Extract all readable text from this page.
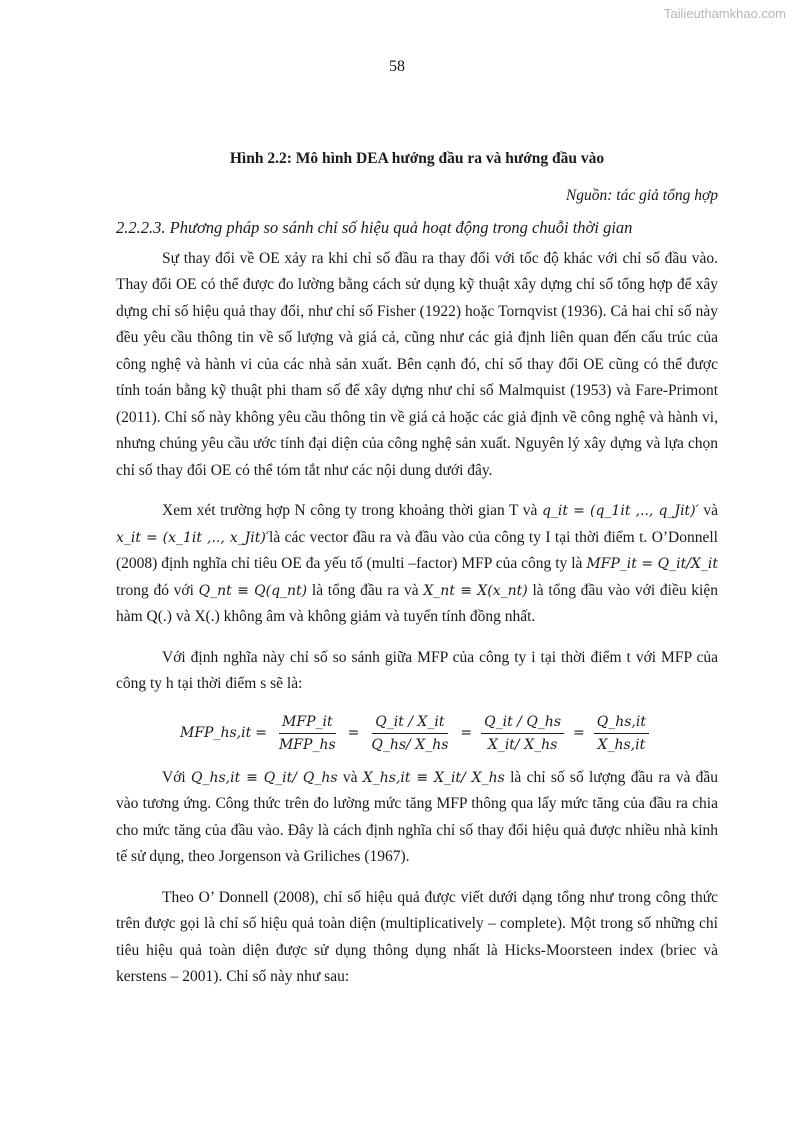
Tailieuthamkhao.com
58

Hình 2.2: Mô hình DEA hướng đầu ra và hướng đầu vào

Nguồn: tác giả tổng hợp

2.2.2.3. Phương pháp so sánh chỉ số hiệu quả hoạt động trong chuỗi thời gian

Sự thay đổi về OE xảy ra khi chỉ số đầu ra thay đổi với tốc độ khác với chỉ số đầu vào. Thay đổi OE có thể được đo lường bằng cách sử dụng kỹ thuật xây dựng chỉ số tổng hợp để xây dựng chỉ số hiệu quả thay đổi, như chỉ số Fisher (1922) hoặc Tornqvist (1936). Cả hai chỉ số này đều yêu cầu thông tin về số lượng và giá cả, cũng như các giả định liên quan đến cấu trúc của công nghệ và hành vi của các nhà sản xuất. Bên cạnh đó, chỉ số thay đổi OE cũng có thể được tính toán bằng kỹ thuật phi tham số để xây dựng như chỉ số Malmquist (1953) và Fare-Primont (2011). Chỉ số này không yêu cầu thông tin về giá cả hoặc các giả định về công nghệ và hành vi, nhưng chúng yêu cầu ước tính đại diện của công nghệ sản xuất. Nguyên lý xây dựng và lựa chọn chỉ số thay đổi OE có thể tóm tắt như các nội dung dưới đây.

Xem xét trường hợp N công ty trong khoảng thời gian T và q_it = (q_1it ,.., q_Jit)′ và x_it = (x_1it ,.., x_Jit)′là các vector đầu ra và đầu vào của công ty I tại thời điểm t. O’Donnell (2008) định nghĩa chỉ tiêu OE đa yếu tố (multi –factor) MFP của công ty là MFP_it = Q_it/X_it trong đó với Q_nt ≡ Q(q_nt) là tổng đầu ra và X_nt ≡ X(x_nt) là tổng đầu vào với điều kiện hàm Q(.) và X(.) không âm và không giảm và tuyến tính đồng nhất.

Với định nghĩa này chỉ số so sánh giữa MFP của công ty i tại thời điểm t với MFP của công ty h tại thời điểm s sẽ là:

MFP_hs,it = $\frac{\text{MFP\_it}}{\text{MFP\_hs}} = \frac{Q\_it / X\_it}{Q\_hs/ X\_hs} = \frac{Q\_it / Q\_hs}{X\_it/ X\_hs} = \frac{Q\_hs,it}{X\_hs,it}$

Với Q_hs,it ≡ Q_it/ Q_hs và X_hs,it ≡ X_it/ X_hs là chỉ số số lượng đầu ra và đầu vào tương ứng. Công thức trên đo lường mức tăng MFP thông qua lấy mức tăng của đầu ra chia cho mức tăng của đầu vào. Đây là cách định nghĩa chỉ số thay đổi hiệu quả được nhiều nhà kinh tế sử dụng, theo Jorgenson và Griliches (1967).

Theo O’ Donnell (2008), chỉ số hiệu quả được viết dưới dạng tổng như trong công thức trên được gọi là chỉ số hiệu quả toàn diện (multiplicatively – complete). Một trong số những chỉ tiêu hiệu quả toàn diện được sử dụng thông dụng nhất là Hicks-Moorsteen index (briec và kerstens – 2001). Chỉ số này như sau:
